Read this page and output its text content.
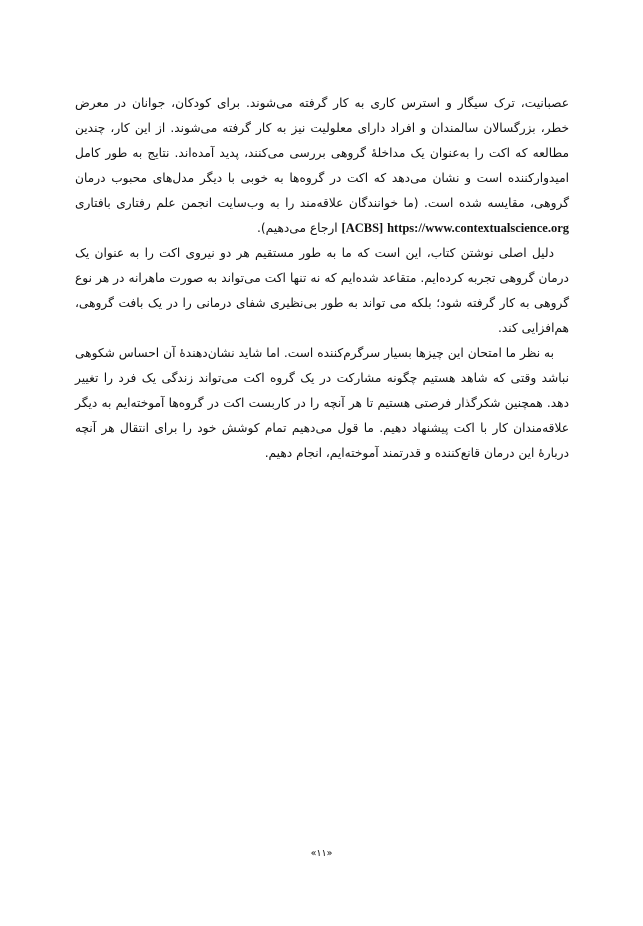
عصبانیت، ترک سیگار و استرس کاری به کار گرفته می‌شوند. برای کودکان، جوانان در معرض خطر، بزرگسالان سالمندان و افراد دارای معلولیت نیز به کار گرفته می‌شوند. از این کار، چندین مطالعه که اکت را به‌عنوان یک مداخلهٔ گروهی بررسی می‌کنند، پدید آمده‌اند. نتایج به طور کامل امیدوارکننده است و نشان می‌دهد که اکت در گروه‌ها به خوبی با دیگر مدل‌های محبوب درمان گروهی، مقایسه شده است. (ما خوانندگان علاقه‌مند را به وب‌سایت انجمن علم رفتاری بافتاری [ACBS] https://www.contextualscience.org ارجاع می‌دهیم).

دلیل اصلی نوشتن کتاب، این است که ما به طور مستقیم هر دو نیروی اکت را به عنوان یک درمان گروهی تجربه کرده‌ایم. متقاعد شده‌ایم که نه تنها اکت می‌تواند به صورت ماهرانه در هر نوع گروهی به کار گرفته شود؛ بلکه می تواند به طور بی‌نظیری شفای درمانی را در یک بافت گروهی، هم‌افزایی کند.

به نظر ما امتحان این چیزها بسیار سرگرم‌کننده است. اما شاید نشان‌دهندهٔ آن احساس شکوهی نباشد وقتی که شاهد هستیم چگونه مشارکت در یک گروه اکت می‌تواند زندگی یک فرد را تغییر دهد. همچنین شکرگذار فرصتی هستیم تا هر آنچه را در کاربست اکت در گروه‌ها آموخته‌ایم به دیگر علاقه‌مندان کار با اکت پیشنهاد دهیم. ما قول می‌دهیم تمام کوشش خود را برای انتقال هر آنچه دربارهٔ این درمان قانع‌کننده و قدرتمند آموخته‌ایم، انجام دهیم.

«۱۱»
